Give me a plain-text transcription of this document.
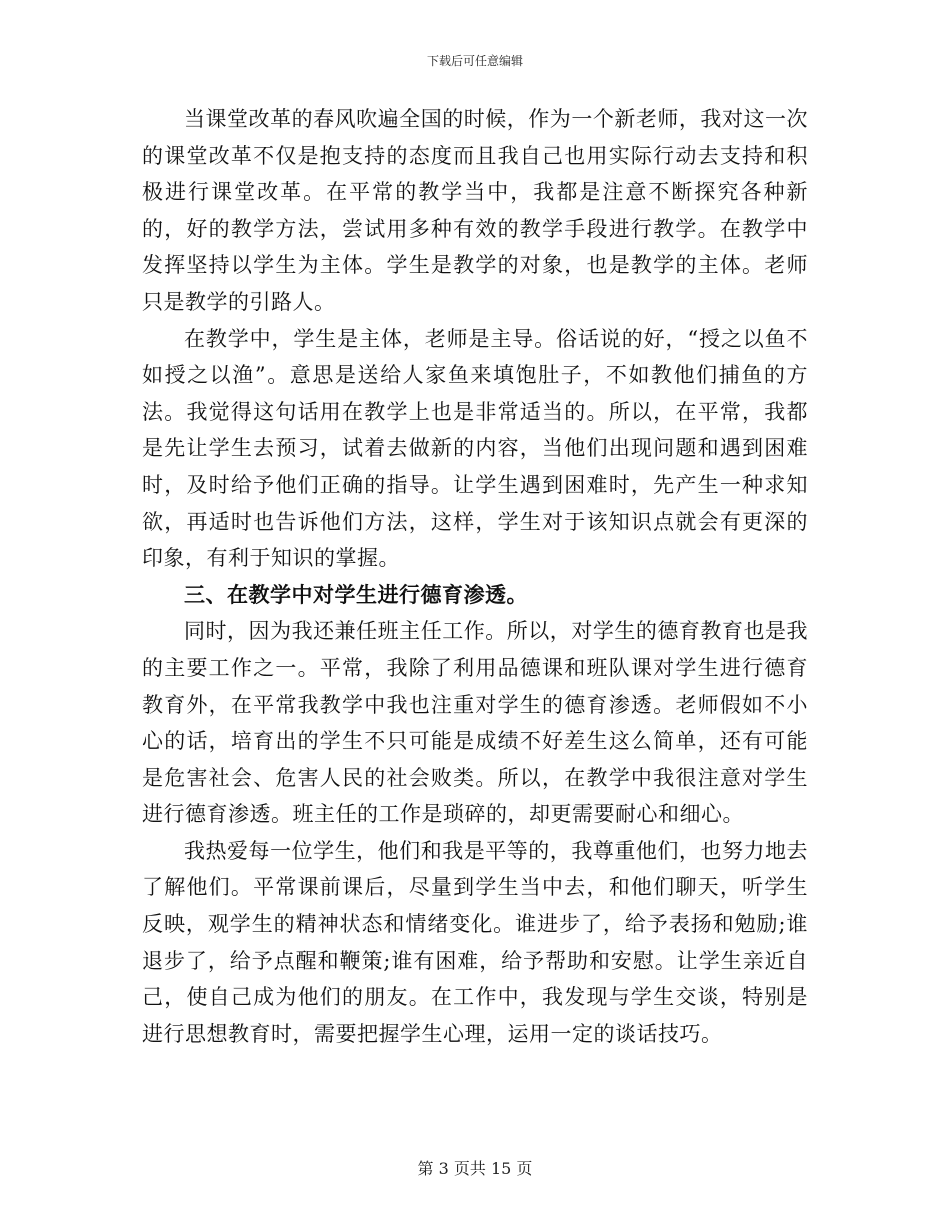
下载后可任意编辑

当课堂改革的春风吹遍全国的时候，作为一个新老师，我对这一次的课堂改革不仅是抱支持的态度而且我自己也用实际行动去支持和积极进行课堂改革。在平常的教学当中，我都是注意不断探究各种新的，好的教学方法，尝试用多种有效的教学手段进行教学。在教学中发挥坚持以学生为主体。学生是教学的对象，也是教学的主体。老师只是教学的引路人。

在教学中，学生是主体，老师是主导。俗话说的好，“授之以鱼不如授之以渔”。意思是送给人家鱼来填饱肚子，不如教他们捕鱼的方法。我觉得这句话用在教学上也是非常适当的。所以，在平常，我都是先让学生去预习，试着去做新的内容，当他们出现问题和遇到困难时，及时给予他们正确的指导。让学生遇到困难时，先产生一种求知欲，再适时也告诉他们方法，这样，学生对于该知识点就会有更深的印象，有利于知识的掌握。

三、在教学中对学生进行德育渗透。

同时，因为我还兼任班主任工作。所以，对学生的德育教育也是我的主要工作之一。平常，我除了利用品德课和班队课对学生进行德育教育外，在平常我教学中我也注重对学生的德育渗透。老师假如不小心的话，培育出的学生不只可能是成绩不好差生这么简单，还有可能是危害社会、危害人民的社会败类。所以，在教学中我很注意对学生进行德育渗透。班主任的工作是琐碎的，却更需要耐心和细心。

我热爱每一位学生，他们和我是平等的，我尊重他们，也努力地去了解他们。平常课前课后，尽量到学生当中去，和他们聊天，听学生反映，观学生的精神状态和情绪变化。谁进步了，给予表扬和勉励;谁退步了，给予点醒和鞭策;谁有困难，给予帮助和安慰。让学生亲近自己，使自己成为他们的朋友。在工作中，我发现与学生交谈，特别是进行思想教育时，需要把握学生心理，运用一定的谈话技巧。

第 3 页共 15 页
